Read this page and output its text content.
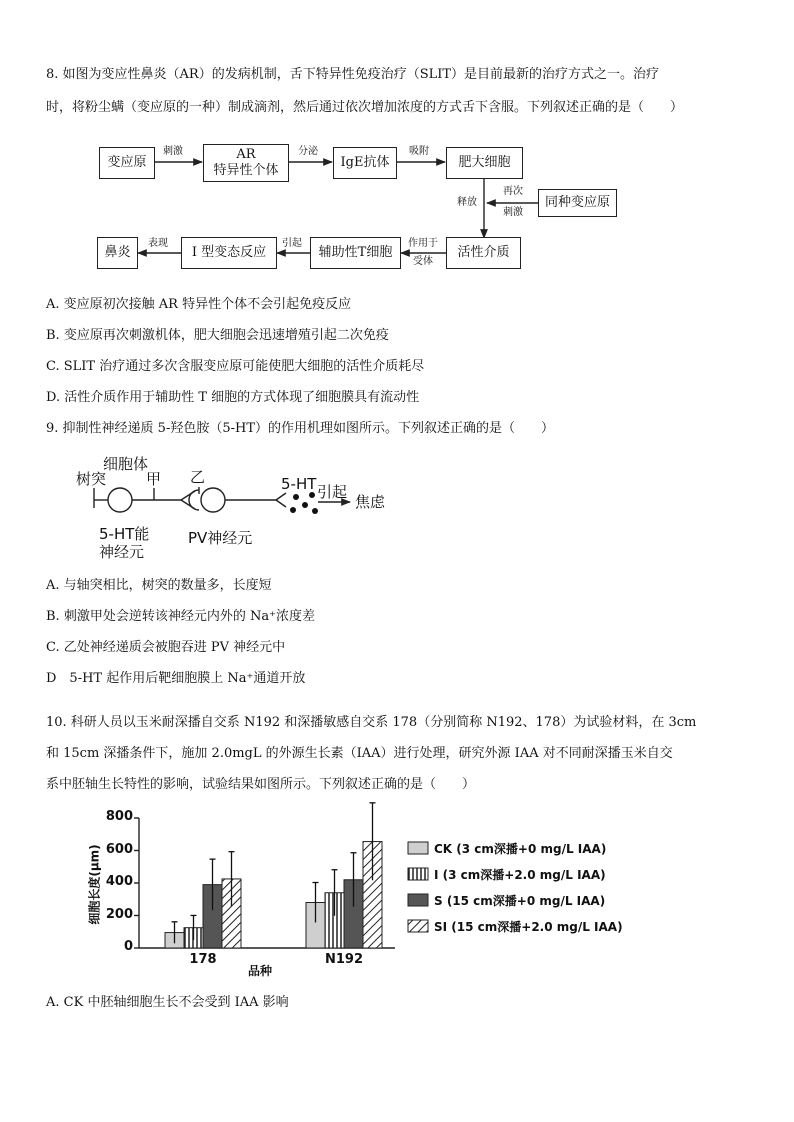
8. 如图为变应性鼻炎（AR）的发病机制，舌下特异性免疫治疗（SLIT）是目前最新的治疗方式之一。治疗
时，将粉尘螨（变应原的一种）制成滴剂，然后通过依次增加浓度的方式舌下含服。下列叙述正确的是（　　）
变应原
AR
特异性个体
IgE抗体	肥大细胞
同种变应原
活性介质
辅助性T细胞
Ⅰ 型变态反应
鼻炎
刺激	分泌	吸附
再次
刺激
释放
作用于
受体
引起
表现
A. 变应原初次接触 AR 特异性个体不会引起免疫反应
B. 变应原再次刺激机体，肥大细胞会迅速增殖引起二次免疫
C. SLIT 治疗通过多次含服变应原可能使肥大细胞的活性介质耗尽
D. 活性介质作用于辅助性 T 细胞的方式体现了细胞膜具有流动性
9. 抑制性神经递质 5-羟色胺（5-HT）的作用机理如图所示。下列叙述正确的是（　　）
树突
细胞体
甲 乙
5-HT能
神经元
PV神经元
5-HT 引起
焦虑
A. 与轴突相比，树突的数量多，长度短
B. 刺激甲处会逆转该神经元内外的 Na⁺浓度差
C. 乙处神经递质会被胞吞进 PV 神经元中
D　5-HT 起作用后靶细胞膜上 Na⁺通道开放
10. 科研人员以玉米耐深播自交系 N192 和深播敏感自交系 178（分别简称 N192、178）为试验材料，在 3cm
和 15cm 深播条件下，施加 2.0mgL 的外源生长素（IAA）进行处理，研究外源 IAA 对不同耐深播玉米自交
系中胚轴生长特性的影响，试验结果如图所示。下列叙述正确的是（　　）
0
200
400
600
800
细胞长度(μm)
178	N192
品种
CK (3 cm深播+0 mg/L IAA)
I (3 cm深播+2.0 mg/L IAA)
S (15 cm深播+0 mg/L IAA)
SI (15 cm深播+2.0 mg/L IAA)
A. CK 中胚轴细胞生长不会受到 IAA 影响
